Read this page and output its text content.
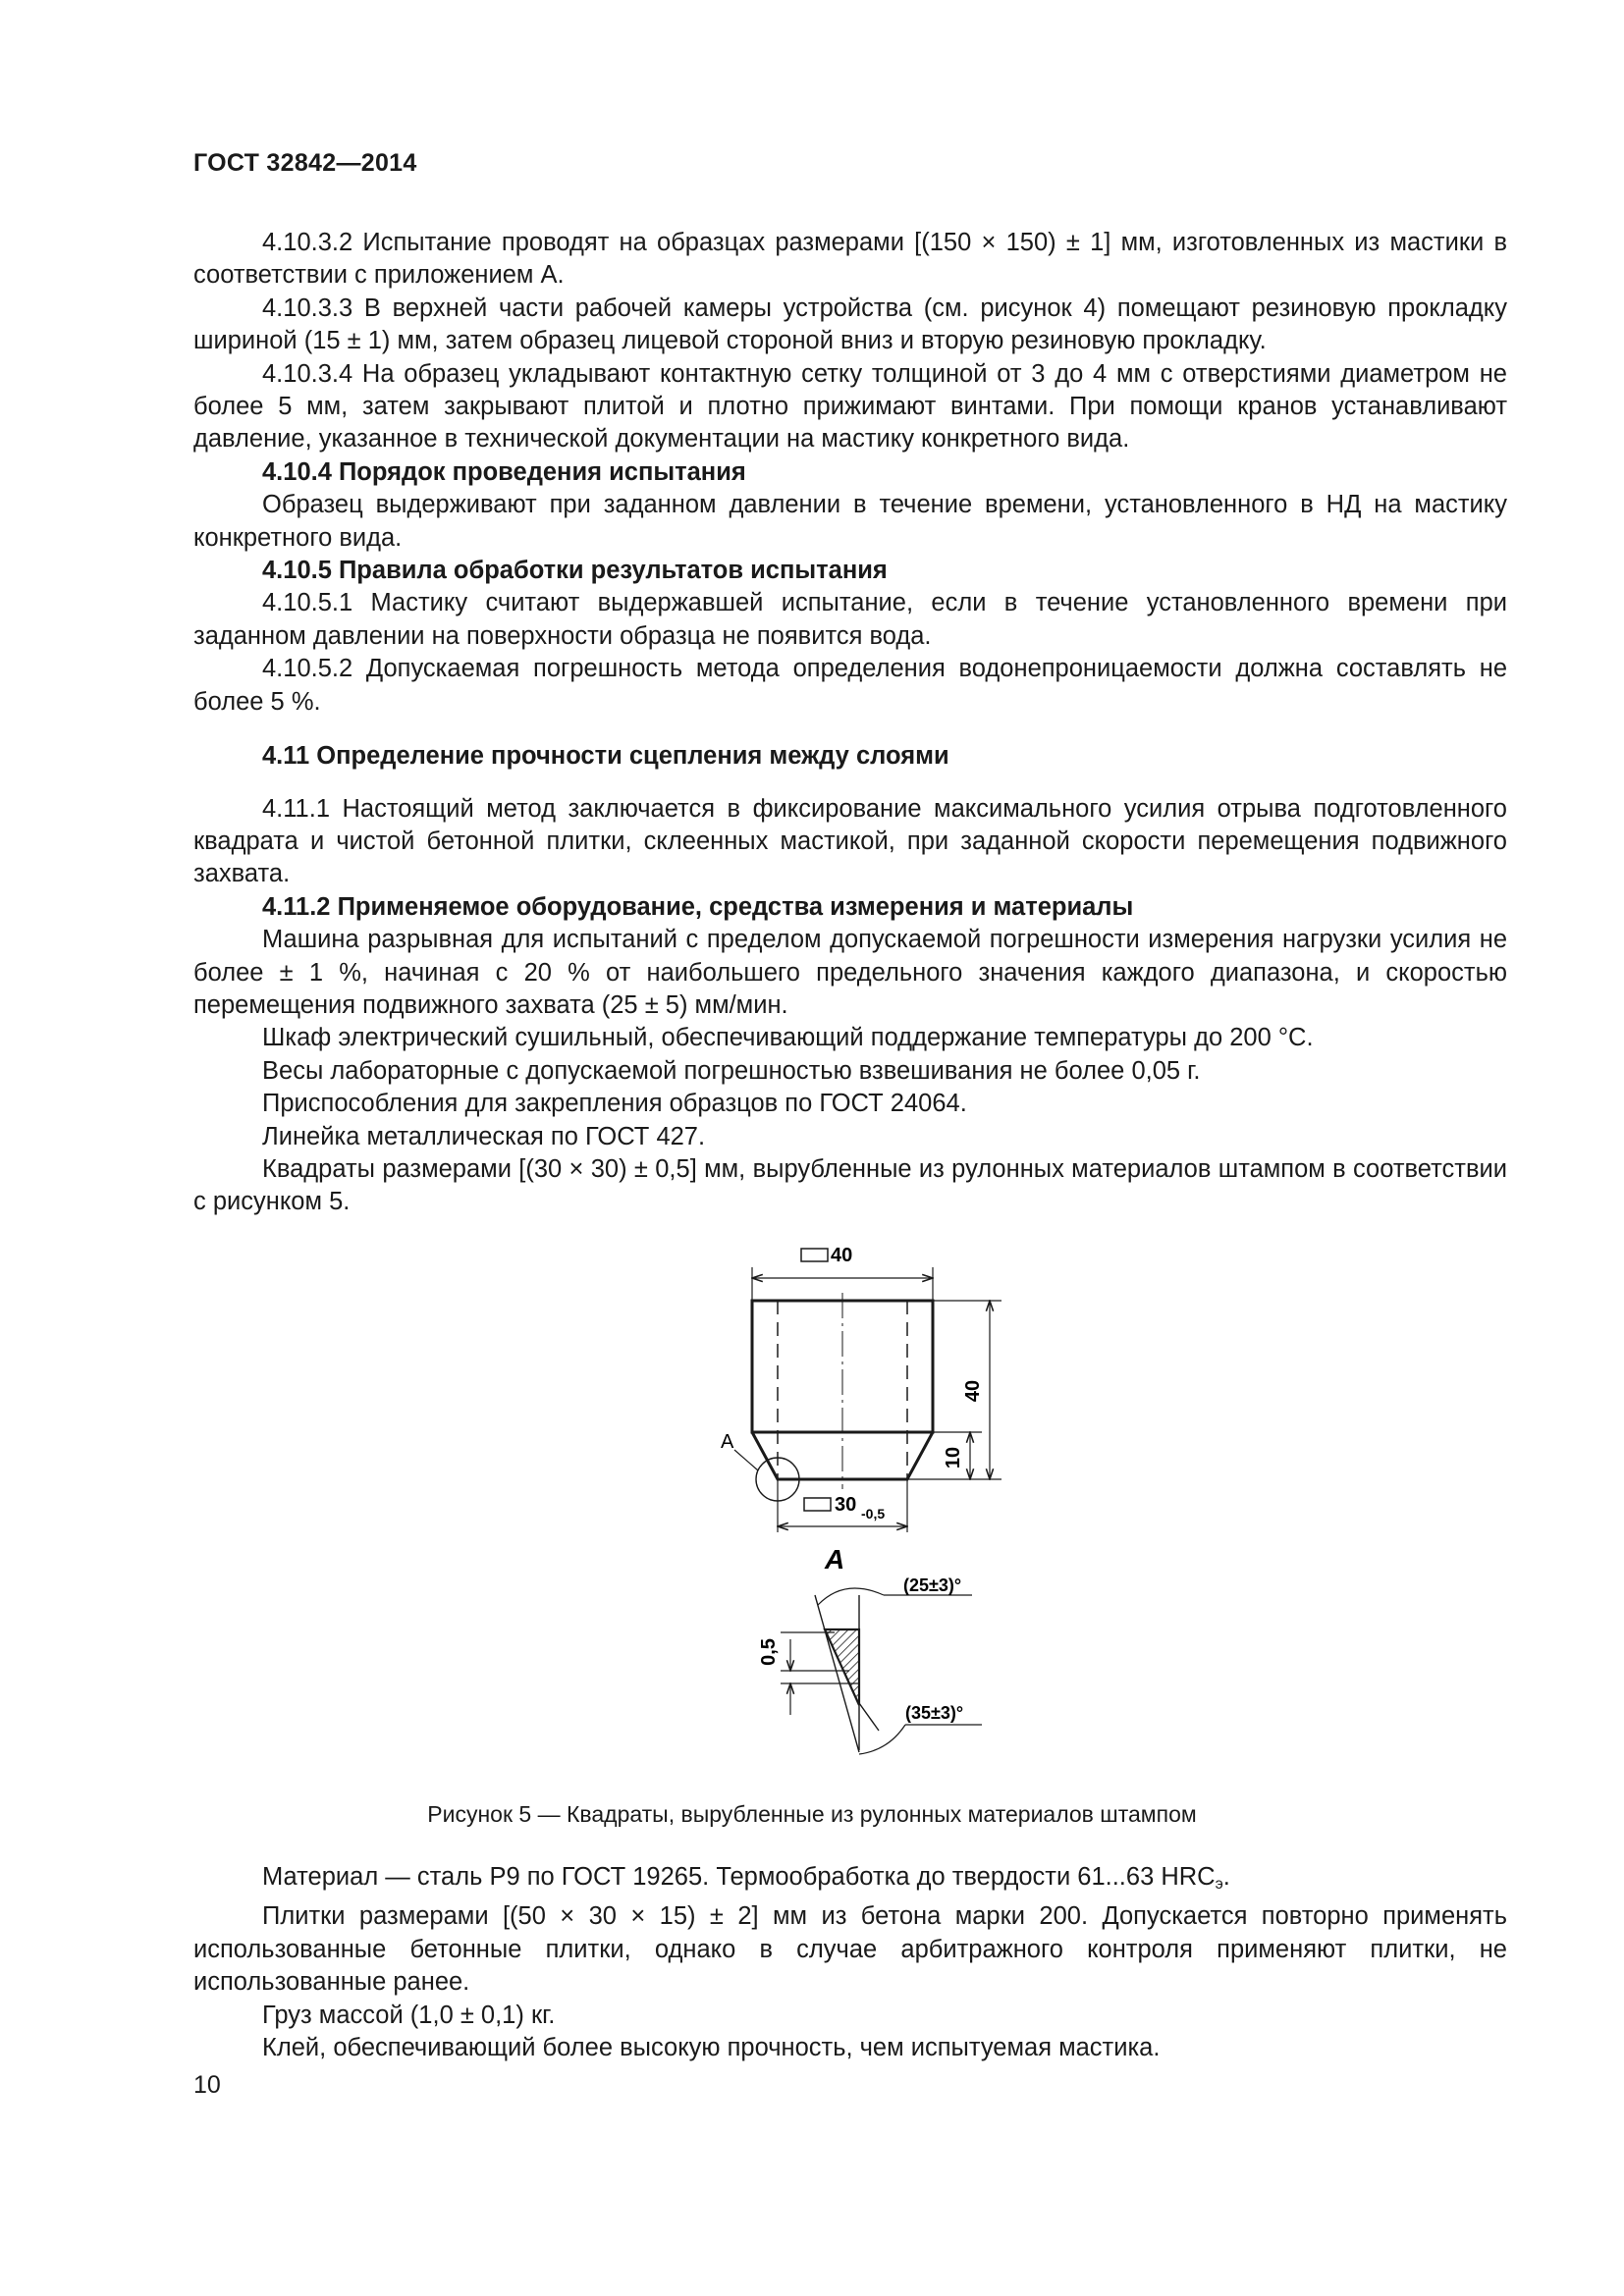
ГОСТ 32842—2014

4.10.3.2 Испытание проводят на образцах размерами [(150 × 150) ± 1] мм, изготовленных из мастики в соответствии с приложением А.

4.10.3.3 В верхней части рабочей камеры устройства (см. рисунок 4) помещают резиновую прокладку шириной (15 ± 1) мм, затем образец лицевой стороной вниз и вторую резиновую прокладку.

4.10.3.4 На образец укладывают контактную сетку толщиной от 3 до 4 мм с отверстиями диаметром не более 5 мм, затем закрывают плитой и плотно прижимают винтами. При помощи кранов устанавливают давление, указанное в технической документации на мастику конкретного вида.

4.10.4 Порядок проведения испытания

Образец выдерживают при заданном давлении в течение времени, установленного в НД на мастику конкретного вида.

4.10.5 Правила обработки результатов испытания

4.10.5.1 Мастику считают выдержавшей испытание, если в течение установленного времени при заданном давлении на поверхности образца не появится вода.

4.10.5.2 Допускаемая погрешность метода определения водонепроницаемости должна составлять не более 5 %.

4.11 Определение прочности сцепления между слоями

4.11.1 Настоящий метод заключается в фиксирование максимального усилия отрыва подготовленного квадрата и чистой бетонной плитки, склеенных мастикой, при заданной скорости перемещения подвижного захвата.

4.11.2 Применяемое оборудование, средства измерения и материалы

Машина разрывная для испытаний с пределом допускаемой погрешности измерения нагрузки усилия не более ± 1 %, начиная с 20 % от наибольшего предельного значения каждого диапазона, и скоростью перемещения подвижного захвата (25 ± 5) мм/мин.

Шкаф электрический сушильный, обеспечивающий поддержание температуры до 200 °С.

Весы лабораторные с допускаемой погрешностью взвешивания не более 0,05 г.

Приспособления для закрепления образцов по ГОСТ 24064.

Линейка металлическая по ГОСТ 427.

Квадраты размерами [(30 × 30) ± 0,5] мм, вырубленные из рулонных материалов штампом в соответствии с рисунком 5.

40
40
10
А
30 -0,5
А
0,5
(25±3)°
(35±3)°
Рисунок 5 — Квадраты, вырубленные из рулонных материалов штампом

Материал — сталь Р9 по ГОСТ 19265. Термообработка до твердости 61...63 $HRC_э$.

Плитки размерами [(50 × 30 × 15) ± 2] мм из бетона марки 200. Допускается повторно применять использованные бетонные плитки, однако в случае арбитражного контроля применяют плитки, не использованные ранее.

Груз массой (1,0 ± 0,1) кг.

Клей, обеспечивающий более высокую прочность, чем испытуемая мастика.

10
